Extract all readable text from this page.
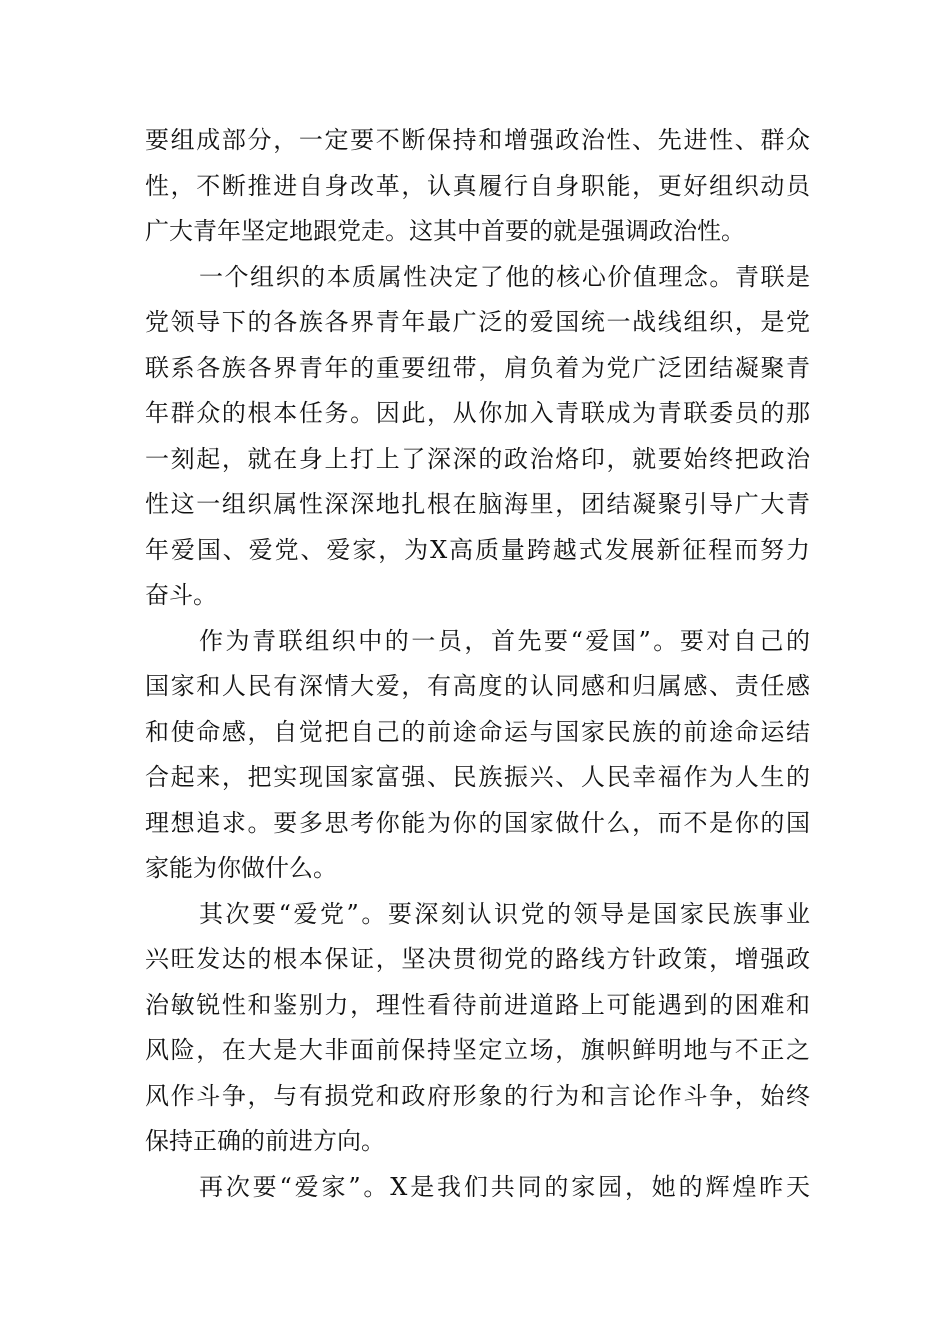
要组成部分，一定要不断保持和增强政治性、先进性、群众
性，不断推进自身改革，认真履行自身职能，更好组织动员
广大青年坚定地跟党走。这其中首要的就是强调政治性。
一个组织的本质属性决定了他的核心价值理念。青联是
党领导下的各族各界青年最广泛的爱国统一战线组织，是党
联系各族各界青年的重要纽带，肩负着为党广泛团结凝聚青
年群众的根本任务。因此，从你加入青联成为青联委员的那
一刻起，就在身上打上了深深的政治烙印，就要始终把政治
性这一组织属性深深地扎根在脑海里，团结凝聚引导广大青
年爱国、爱党、爱家，为X高质量跨越式发展新征程而努力
奋斗。
作为青联组织中的一员，首先要“爱国”。要对自己的
国家和人民有深情大爱，有高度的认同感和归属感、责任感
和使命感，自觉把自己的前途命运与国家民族的前途命运结
合起来，把实现国家富强、民族振兴、人民幸福作为人生的
理想追求。要多思考你能为你的国家做什么，而不是你的国
家能为你做什么。
其次要“爱党”。要深刻认识党的领导是国家民族事业
兴旺发达的根本保证，坚决贯彻党的路线方针政策，增强政
治敏锐性和鉴别力，理性看待前进道路上可能遇到的困难和
风险，在大是大非面前保持坚定立场，旗帜鲜明地与不正之
风作斗争，与有损党和政府形象的行为和言论作斗争，始终
保持正确的前进方向。
再次要“爱家”。X是我们共同的家园，她的辉煌昨天
